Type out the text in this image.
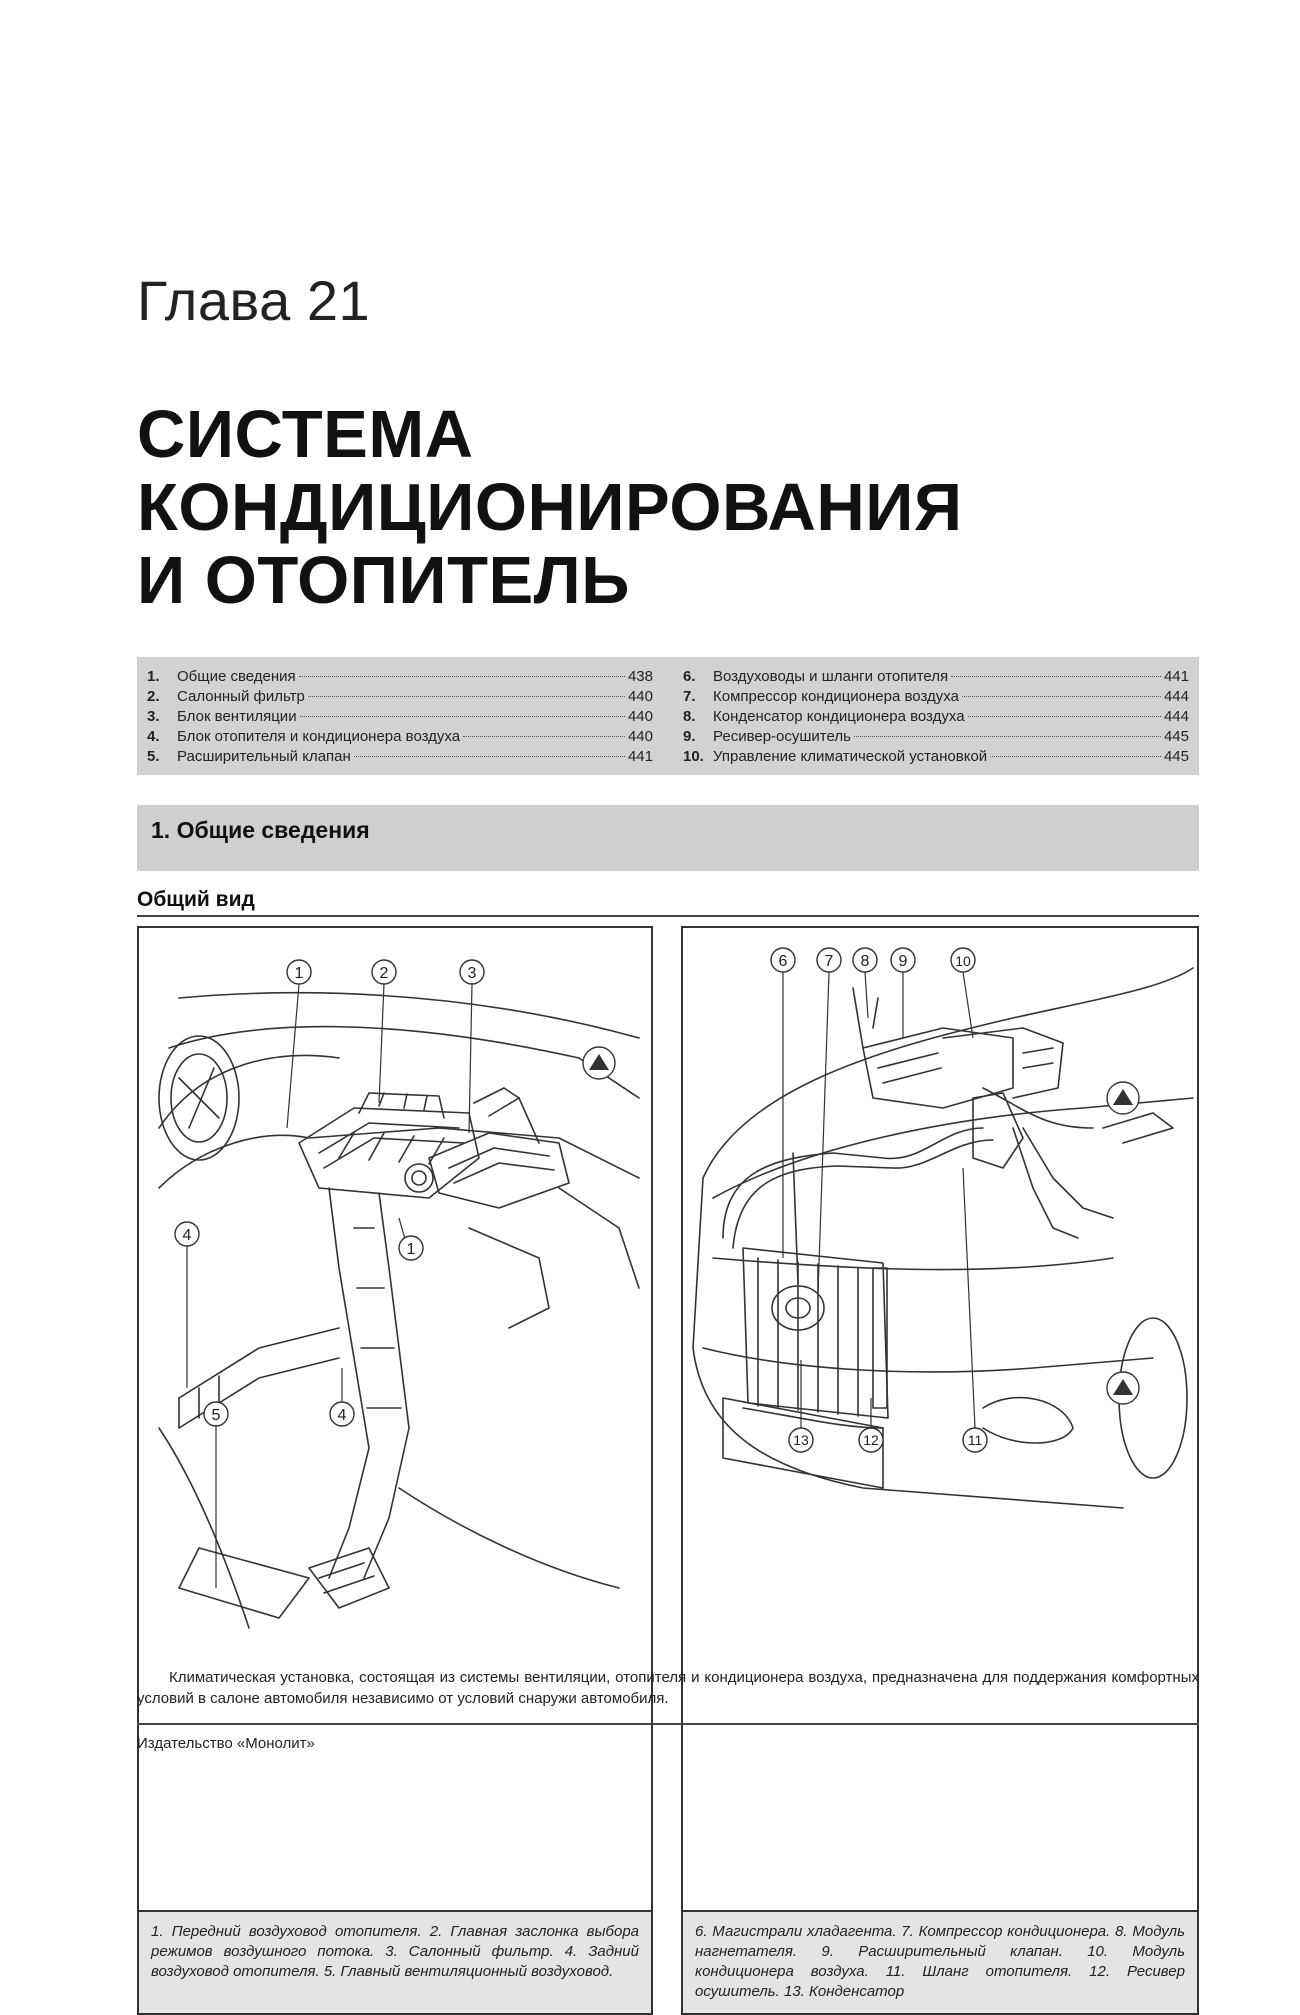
Глава 21
СИСТЕМА
КОНДИЦИОНИРОВАНИЯ
И ОТОПИТЕЛЬ
1.	Общие сведения	438
2.	Салонный фильтр	440
3.	Блок вентиляции	440
4.	Блок отопителя и кондиционера воздуха	440
5.	Расширительный клапан	441
6.	Воздуховоды и шланги отопителя	441
7.	Компрессор кондиционера воздуха	444
8.	Конденсатор кондиционера воздуха	444
9.	Ресивер-осушитель	445
10. Управление климатической установкой	445
1. Общие сведения
Общий вид
1	2	3
4
1
4
5
1. Передний воздуховод отопителя. 2. Главная заслонка выбора режимов воздушного потока. 3. Салонный фильтр. 4. Задний воздуховод отопителя. 5. Главный вентиляционный воздуховод.
6 7 8 9	10
13	12	11
6. Магистрали хладагента. 7. Компрессор кондиционера. 8. Модуль нагнетателя. 9. Расширительный клапан. 10. Модуль кондиционера воздуха. 11. Шланг отопителя. 12. Ресивер осушитель. 13. Конденсатор
Климатическая установка, состоящая из системы вентиляции, отопителя и кондиционера воздуха, предназначена для поддержания комфортных условий в салоне автомобиля независимо от условий снаружи автомобиля.
Издательство «Монолит»
